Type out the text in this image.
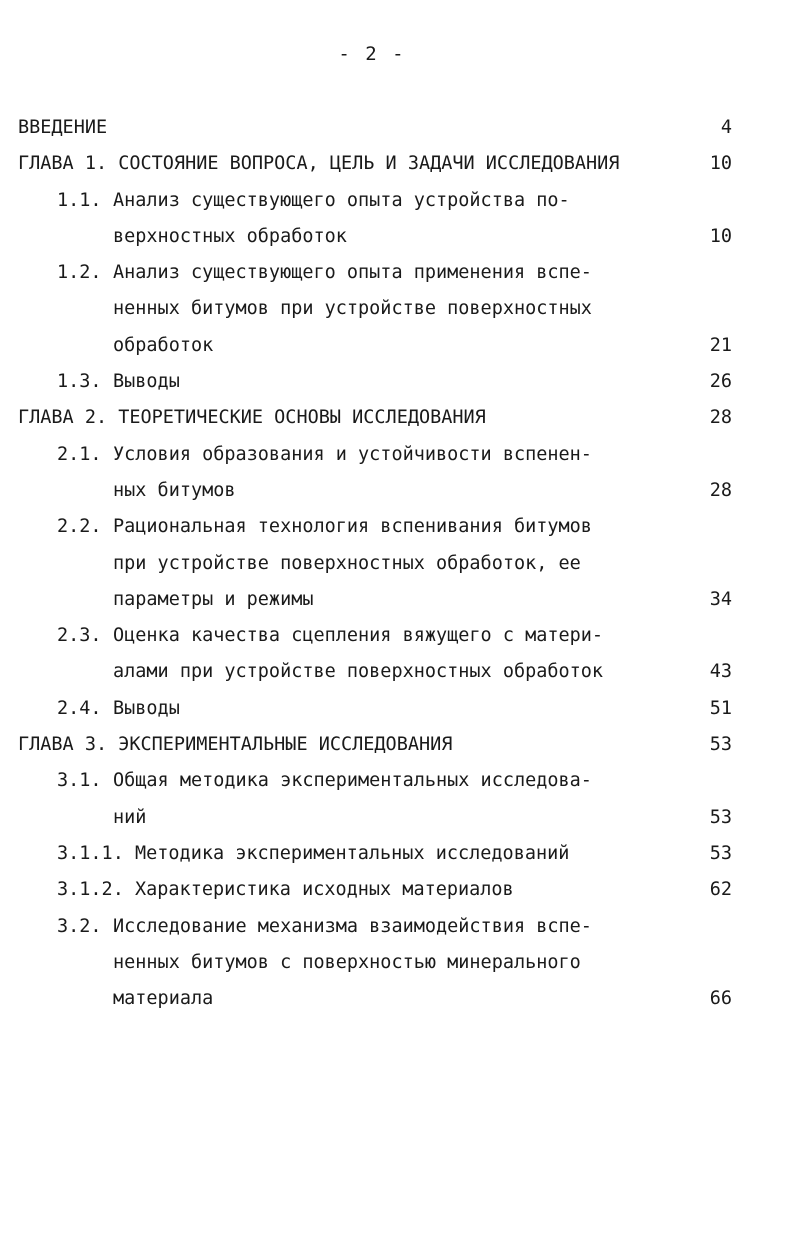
- 2 -
ВВЕДЕНИЕ	4
ГЛАВА 1. СОСТОЯНИЕ ВОПРОСА, ЦЕЛЬ И ЗАДАЧИ ИССЛЕДОВАНИЯ	10
1.1. Анализ существующего опыта устройства по-
верхностных обработок	10
1.2. Анализ существующего опыта применения вспе-
ненных битумов при устройстве поверхностных
обработок	21
1.3. Выводы	26
ГЛАВА 2. ТЕОРЕТИЧЕСКИЕ ОСНОВЫ ИССЛЕДОВАНИЯ	28
2.1. Условия образования и устойчивости вспенен-
ных битумов	28
2.2. Рациональная технология вспенивания битумов
при устройстве поверхностных обработок, ее
параметры и режимы	34
2.3. Оценка качества сцепления вяжущего с матери-
алами при устройстве поверхностных обработок	43
2.4. Выводы	51
ГЛАВА 3. ЭКСПЕРИМЕНТАЛЬНЫЕ ИССЛЕДОВАНИЯ	53
3.1. Общая методика экспериментальных исследова-
ний	53
3.1.1. Методика экспериментальных исследований	53
3.1.2. Характеристика исходных материалов	62
3.2. Исследование механизма взаимодействия вспе-
ненных битумов с поверхностью минерального
материала	66
